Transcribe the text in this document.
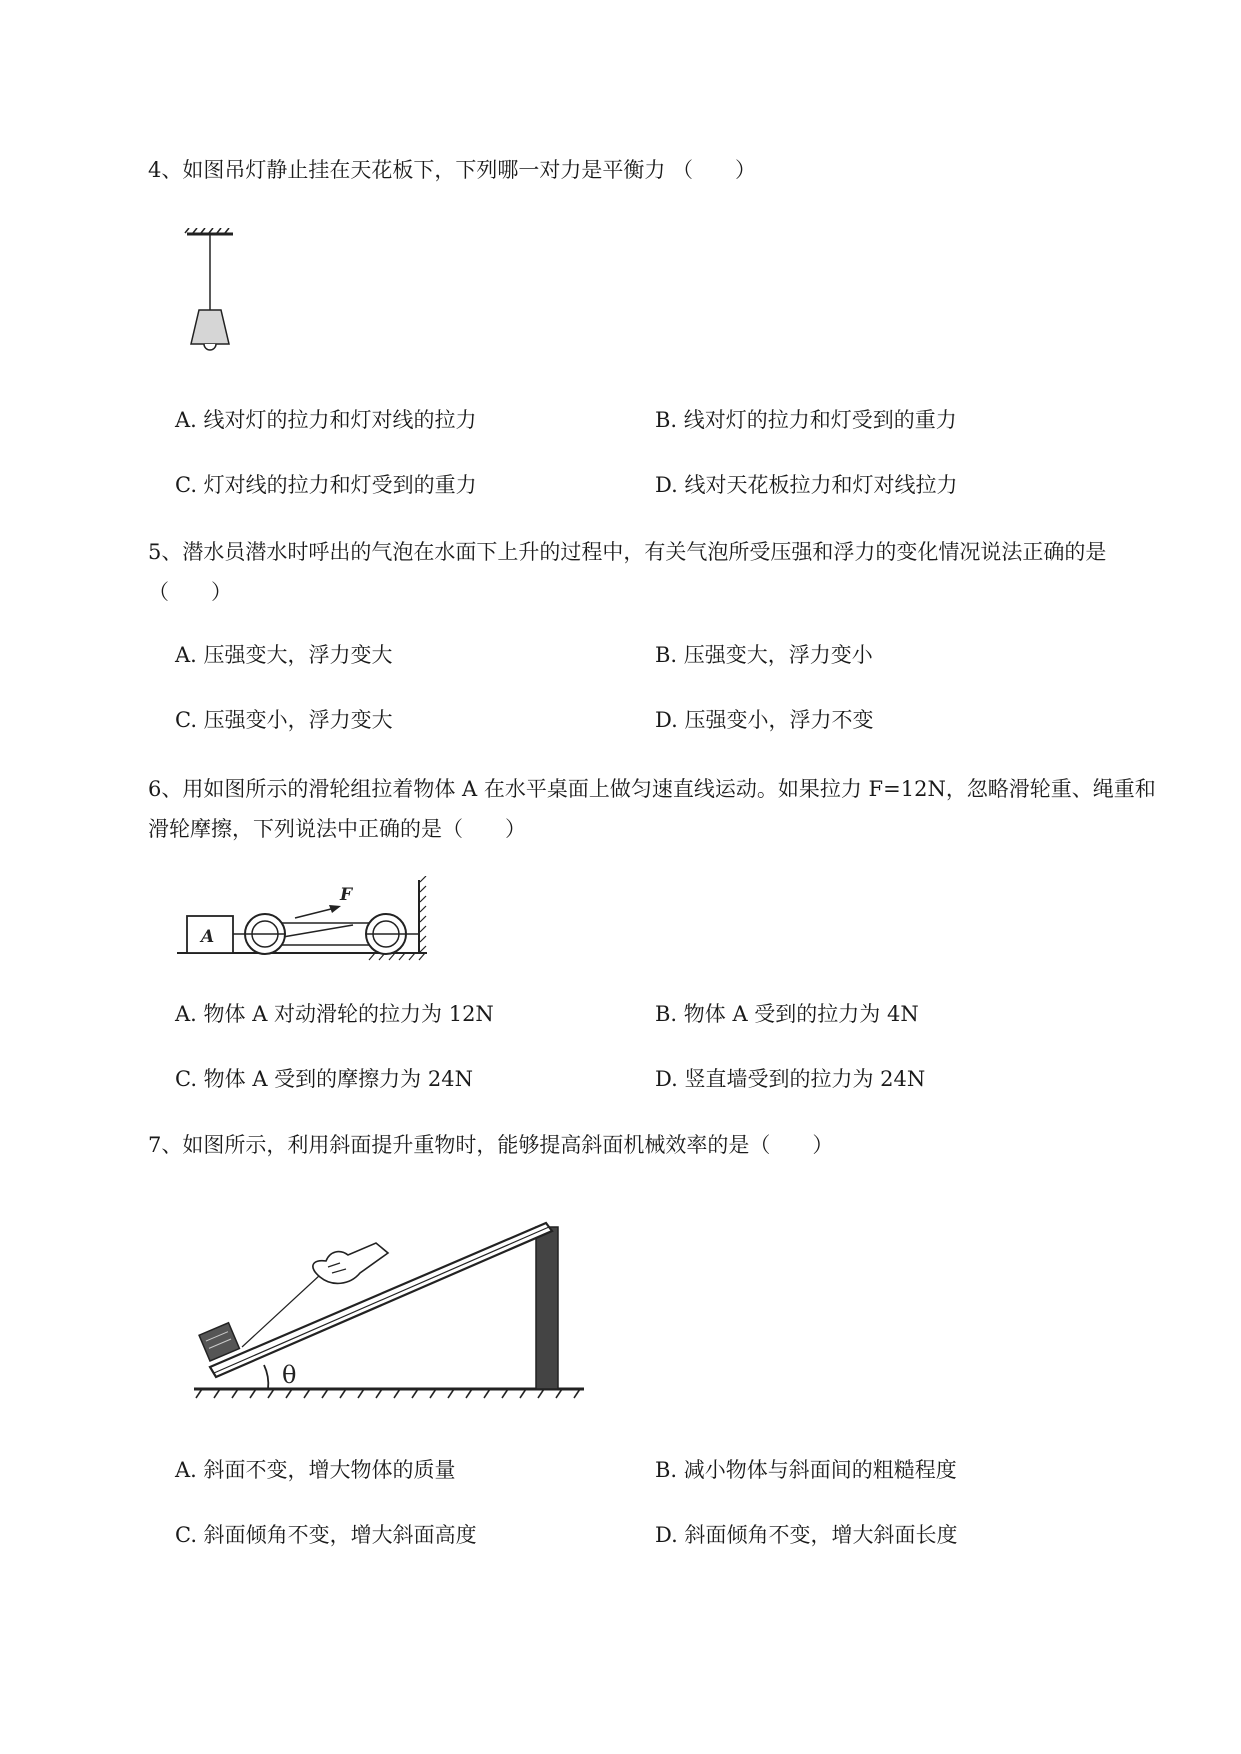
4、如图吊灯静止挂在天花板下，下列哪一对力是平衡力 （　　）
A. 线对灯的拉力和灯对线的拉力	B. 线对灯的拉力和灯受到的重力
C. 灯对线的拉力和灯受到的重力	D. 线对天花板拉力和灯对线拉力
5、潜水员潜水时呼出的气泡在水面下上升的过程中，有关气泡所受压强和浮力的变化情况说法正确的是（　　）
A. 压强变大，浮力变大	B. 压强变大，浮力变小
C. 压强变小，浮力变大	D. 压强变小，浮力不变
6、用如图所示的滑轮组拉着物体 A 在水平桌面上做匀速直线运动。如果拉力 F=12N，忽略滑轮重、绳重和滑轮摩擦，下列说法中正确的是（　　）
A
F
A. 物体 A 对动滑轮的拉力为 12N	B. 物体 A 受到的拉力为 4N
C. 物体 A 受到的摩擦力为 24N	D. 竖直墙受到的拉力为 24N
7、如图所示，利用斜面提升重物时，能够提高斜面机械效率的是（　　）
θ
A. 斜面不变，增大物体的质量	B. 减小物体与斜面间的粗糙程度
C. 斜面倾角不变，增大斜面高度	D. 斜面倾角不变，增大斜面长度
